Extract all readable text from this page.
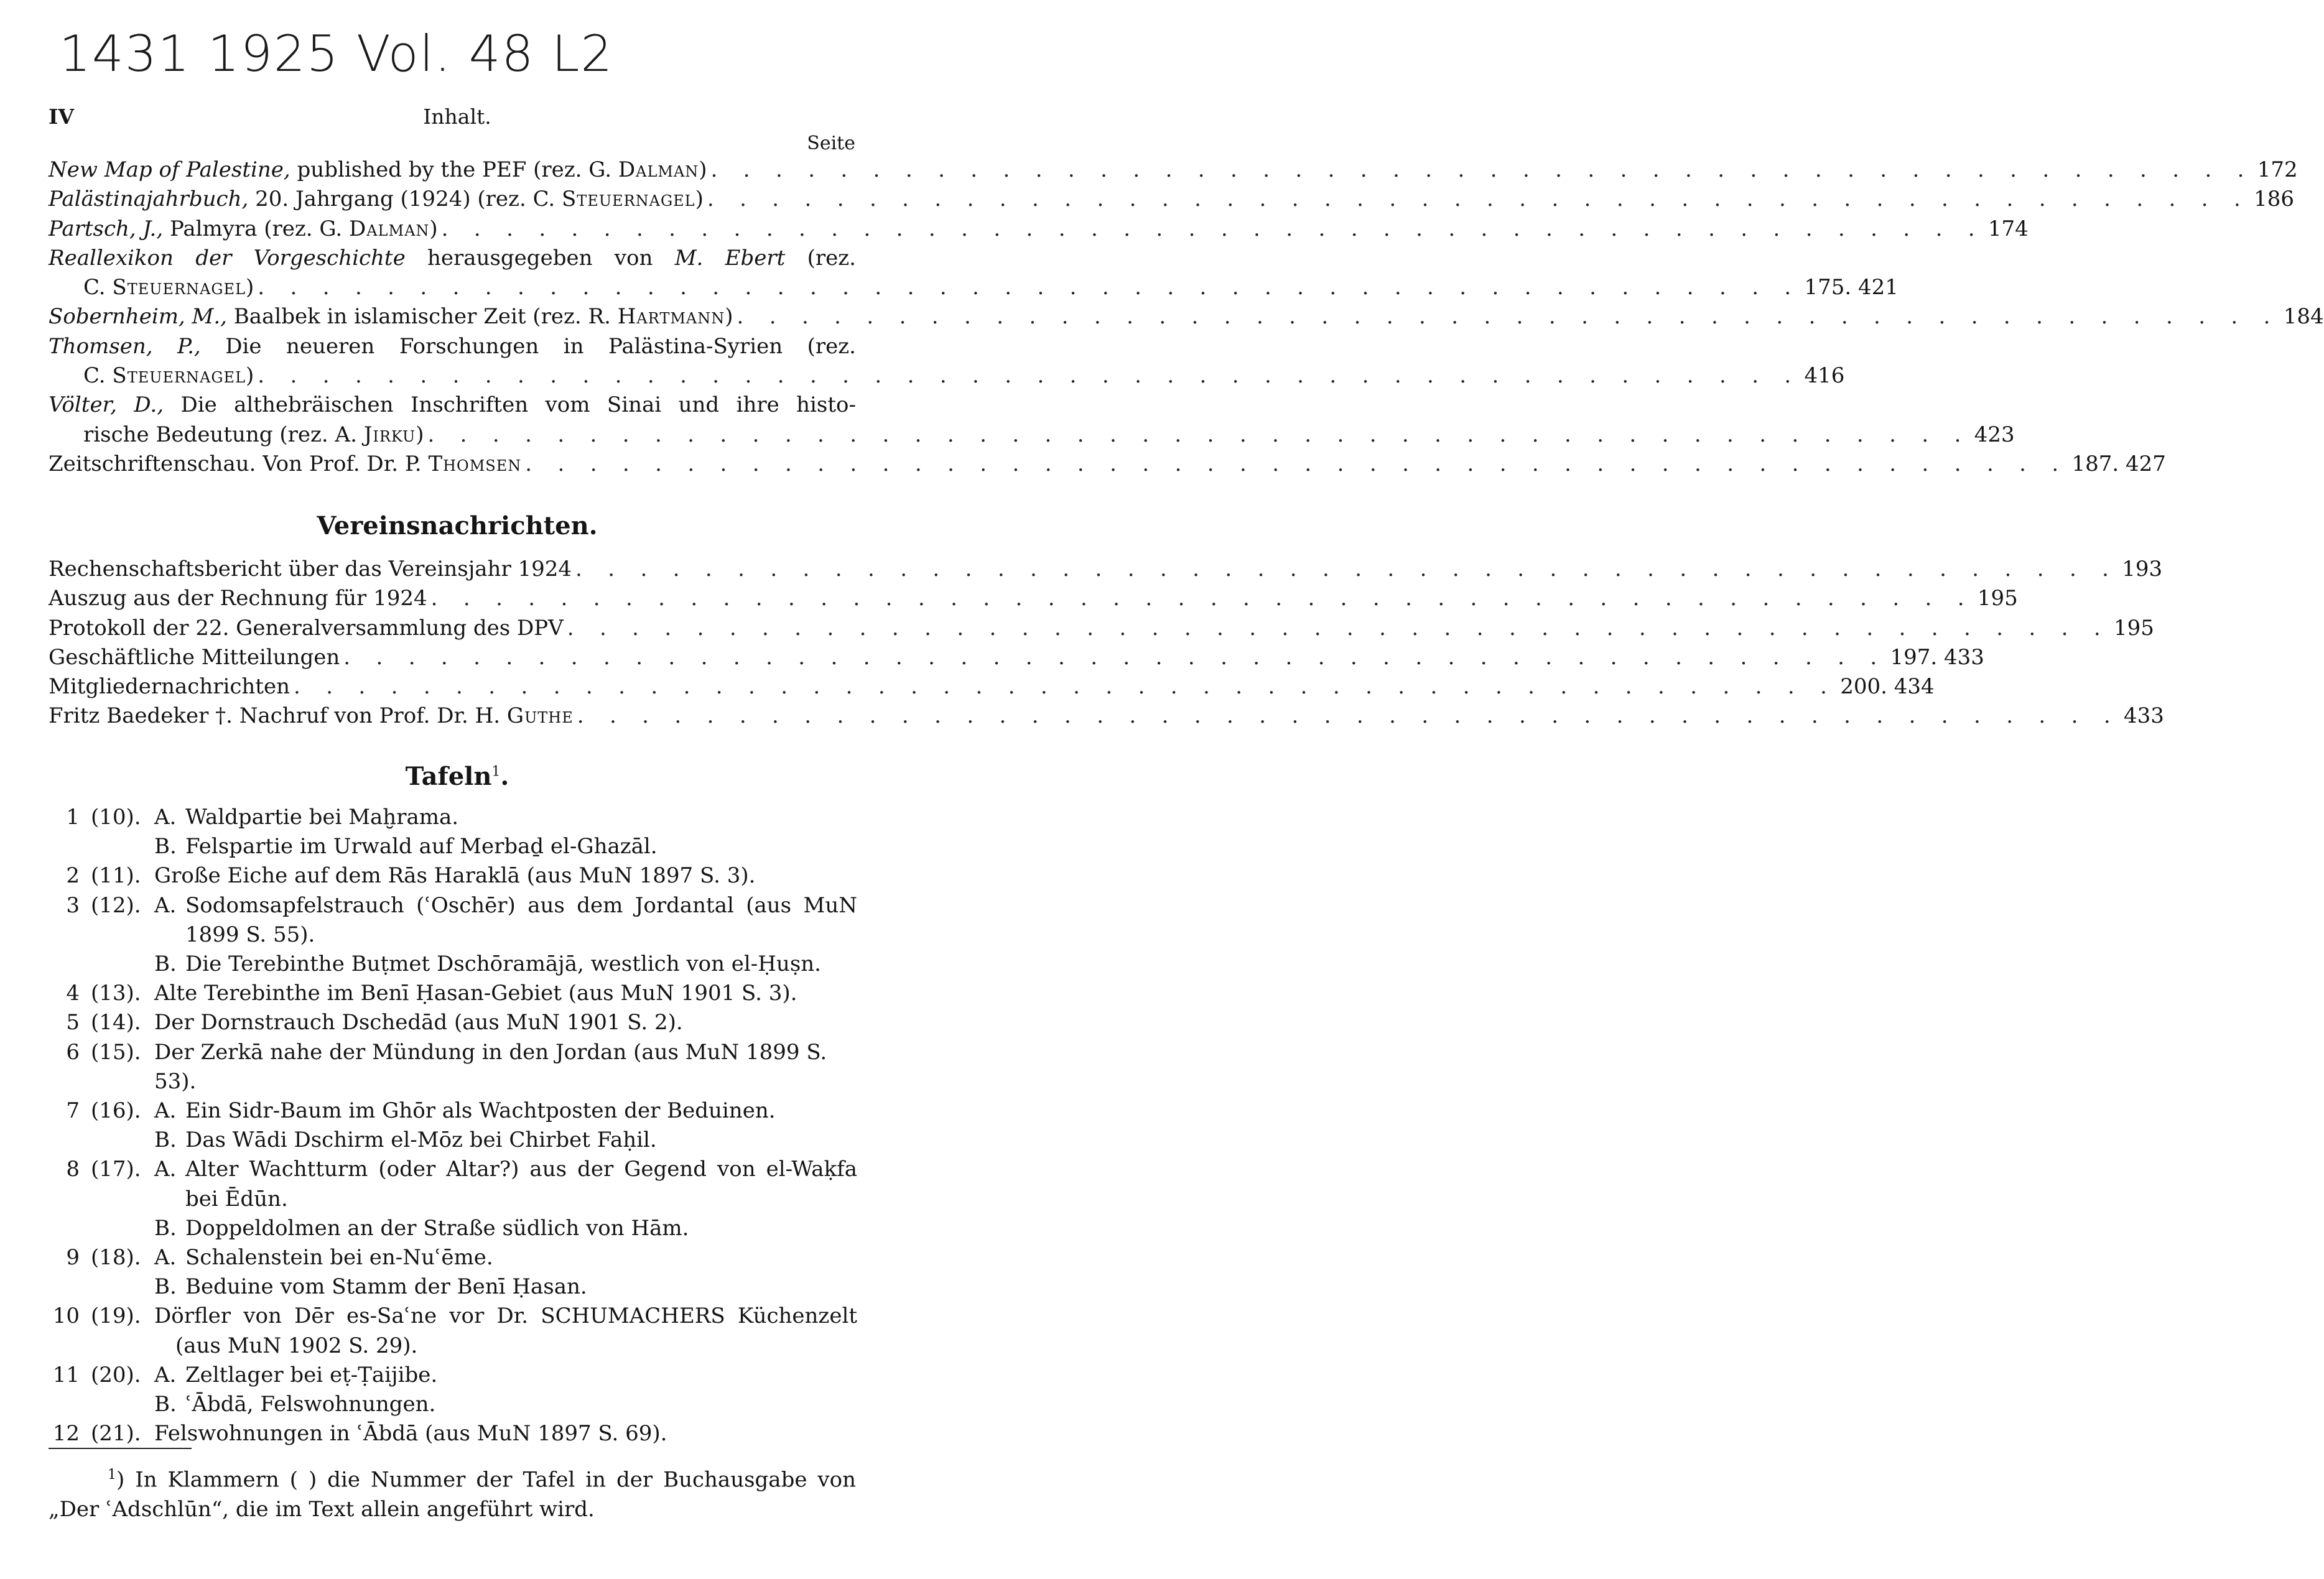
1431 1925 Vol. 48 L2
IV	Inhalt.
Seite
New Map of Palestine, published by the PEF (rez. G. Dalman) . . . . . . . . . . . . . . . . . . . . . . . . . . . . . . . . . . . . . . . . . . . . . . . . 172
Palästinajahrbuch, 20. Jahrgang (1924) (rez. C. Steuernagel) . . . . . . . . . . . . . . . . . . . . . . . . . . . . . . . . . . . . . . . . . . . . . . . . 186
Partsch, J., Palmyra (rez. G. Dalman) . . . . . . . . . . . . . . . . . . . . . . . . . . . . . . . . . . . . . . . . . . . . . . . . 174
Reallexikon der Vorgeschichte herausgegeben von M. Ebert (rez.
C. Steuernagel) . . . . . . . . . . . . . . . . . . . . . . . . . . . . . . . . . . . . . . . . . . . . . . . . 175. 421
Sobernheim, M., Baalbek in islamischer Zeit (rez. R. Hartmann) . . . . . . . . . . . . . . . . . . . . . . . . . . . . . . . . . . . . . . . . . . . . . . . . 184
Thomsen, P., Die neueren Forschungen in Palästina-Syrien (rez.
C. Steuernagel) . . . . . . . . . . . . . . . . . . . . . . . . . . . . . . . . . . . . . . . . . . . . . . . . 416
Völter, D., Die althebräischen Inschriften vom Sinai und ihre histo-
rische Bedeutung (rez. A. Jirku) . . . . . . . . . . . . . . . . . . . . . . . . . . . . . . . . . . . . . . . . . . . . . . . . 423
Zeitschriftenschau. Von Prof. Dr. P. Thomsen . . . . . . . . . . . . . . . . . . . . . . . . . . . . . . . . . . . . . . . . . . . . . . . . 187. 427
Vereinsnachrichten.
Rechenschaftsbericht über das Vereinsjahr 1924 . . . . . . . . . . . . . . . . . . . . . . . . . . . . . . . . . . . . . . . . . . . . . . . . 193
Auszug aus der Rechnung für 1924 . . . . . . . . . . . . . . . . . . . . . . . . . . . . . . . . . . . . . . . . . . . . . . . . 195
Protokoll der 22. Generalversammlung des DPV . . . . . . . . . . . . . . . . . . . . . . . . . . . . . . . . . . . . . . . . . . . . . . . . 195
Geschäftliche Mitteilungen . . . . . . . . . . . . . . . . . . . . . . . . . . . . . . . . . . . . . . . . . . . . . . . . 197. 433
Mitgliedernachrichten . . . . . . . . . . . . . . . . . . . . . . . . . . . . . . . . . . . . . . . . . . . . . . . . 200. 434
Fritz Baedeker †. Nachruf von Prof. Dr. H. Guthe . . . . . . . . . . . . . . . . . . . . . . . . . . . . . . . . . . . . . . . . . . . . . . . . 433
Tafeln$^1$.
1 (10). A. Waldpartie bei Maḫrama.
B. Felspartie im Urwald auf Merbaḏ el-Ghazāl.
2 (11). Große Eiche auf dem Rās Haraklā (aus MuN 1897 S. 3).
3 (12). A. Sodomsapfelstrauch (ʿOschēr) aus dem Jordantal (aus MuN
1899 S. 55).
B. Die Terebinthe Buṭmet Dschōramājā, westlich von el-Ḥuṣn.
4 (13). Alte Terebinthe im Benī Ḥasan-Gebiet (aus MuN 1901 S. 3).
5 (14). Der Dornstrauch Dschedād (aus MuN 1901 S. 2).
6 (15). Der Zerkā nahe der Mündung in den Jordan (aus MuN 1899 S. 53).
7 (16). A. Ein Sidr-Baum im Ghōr als Wachtposten der Beduinen.
B. Das Wādi Dschirm el-Mōz bei Chirbet Faḥil.
8 (17). A. Alter Wachtturm (oder Altar?) aus der Gegend von el-Waḳfa
bei Ēdūn.
B. Doppeldolmen an der Straße südlich von Hām.
9 (18). A. Schalenstein bei en-Nuʿēme.
B. Beduine vom Stamm der Benī Ḥasan.
10 (19). Dörfler von Dēr es-Saʿne vor Dr. SCHUMACHERS Küchenzelt
(aus MuN 1902 S. 29).
11 (20). A. Zeltlager bei eṭ-Ṭaijibe.
B. ʿĀbdā, Felswohnungen.
12 (21). Felswohnungen in ʿĀbdā (aus MuN 1897 S. 69).
$^1$) In Klammern ( ) die Nummer der Tafel in der Buchausgabe von
„Der ʿAdschlūn“, die im Text allein angeführt wird.
